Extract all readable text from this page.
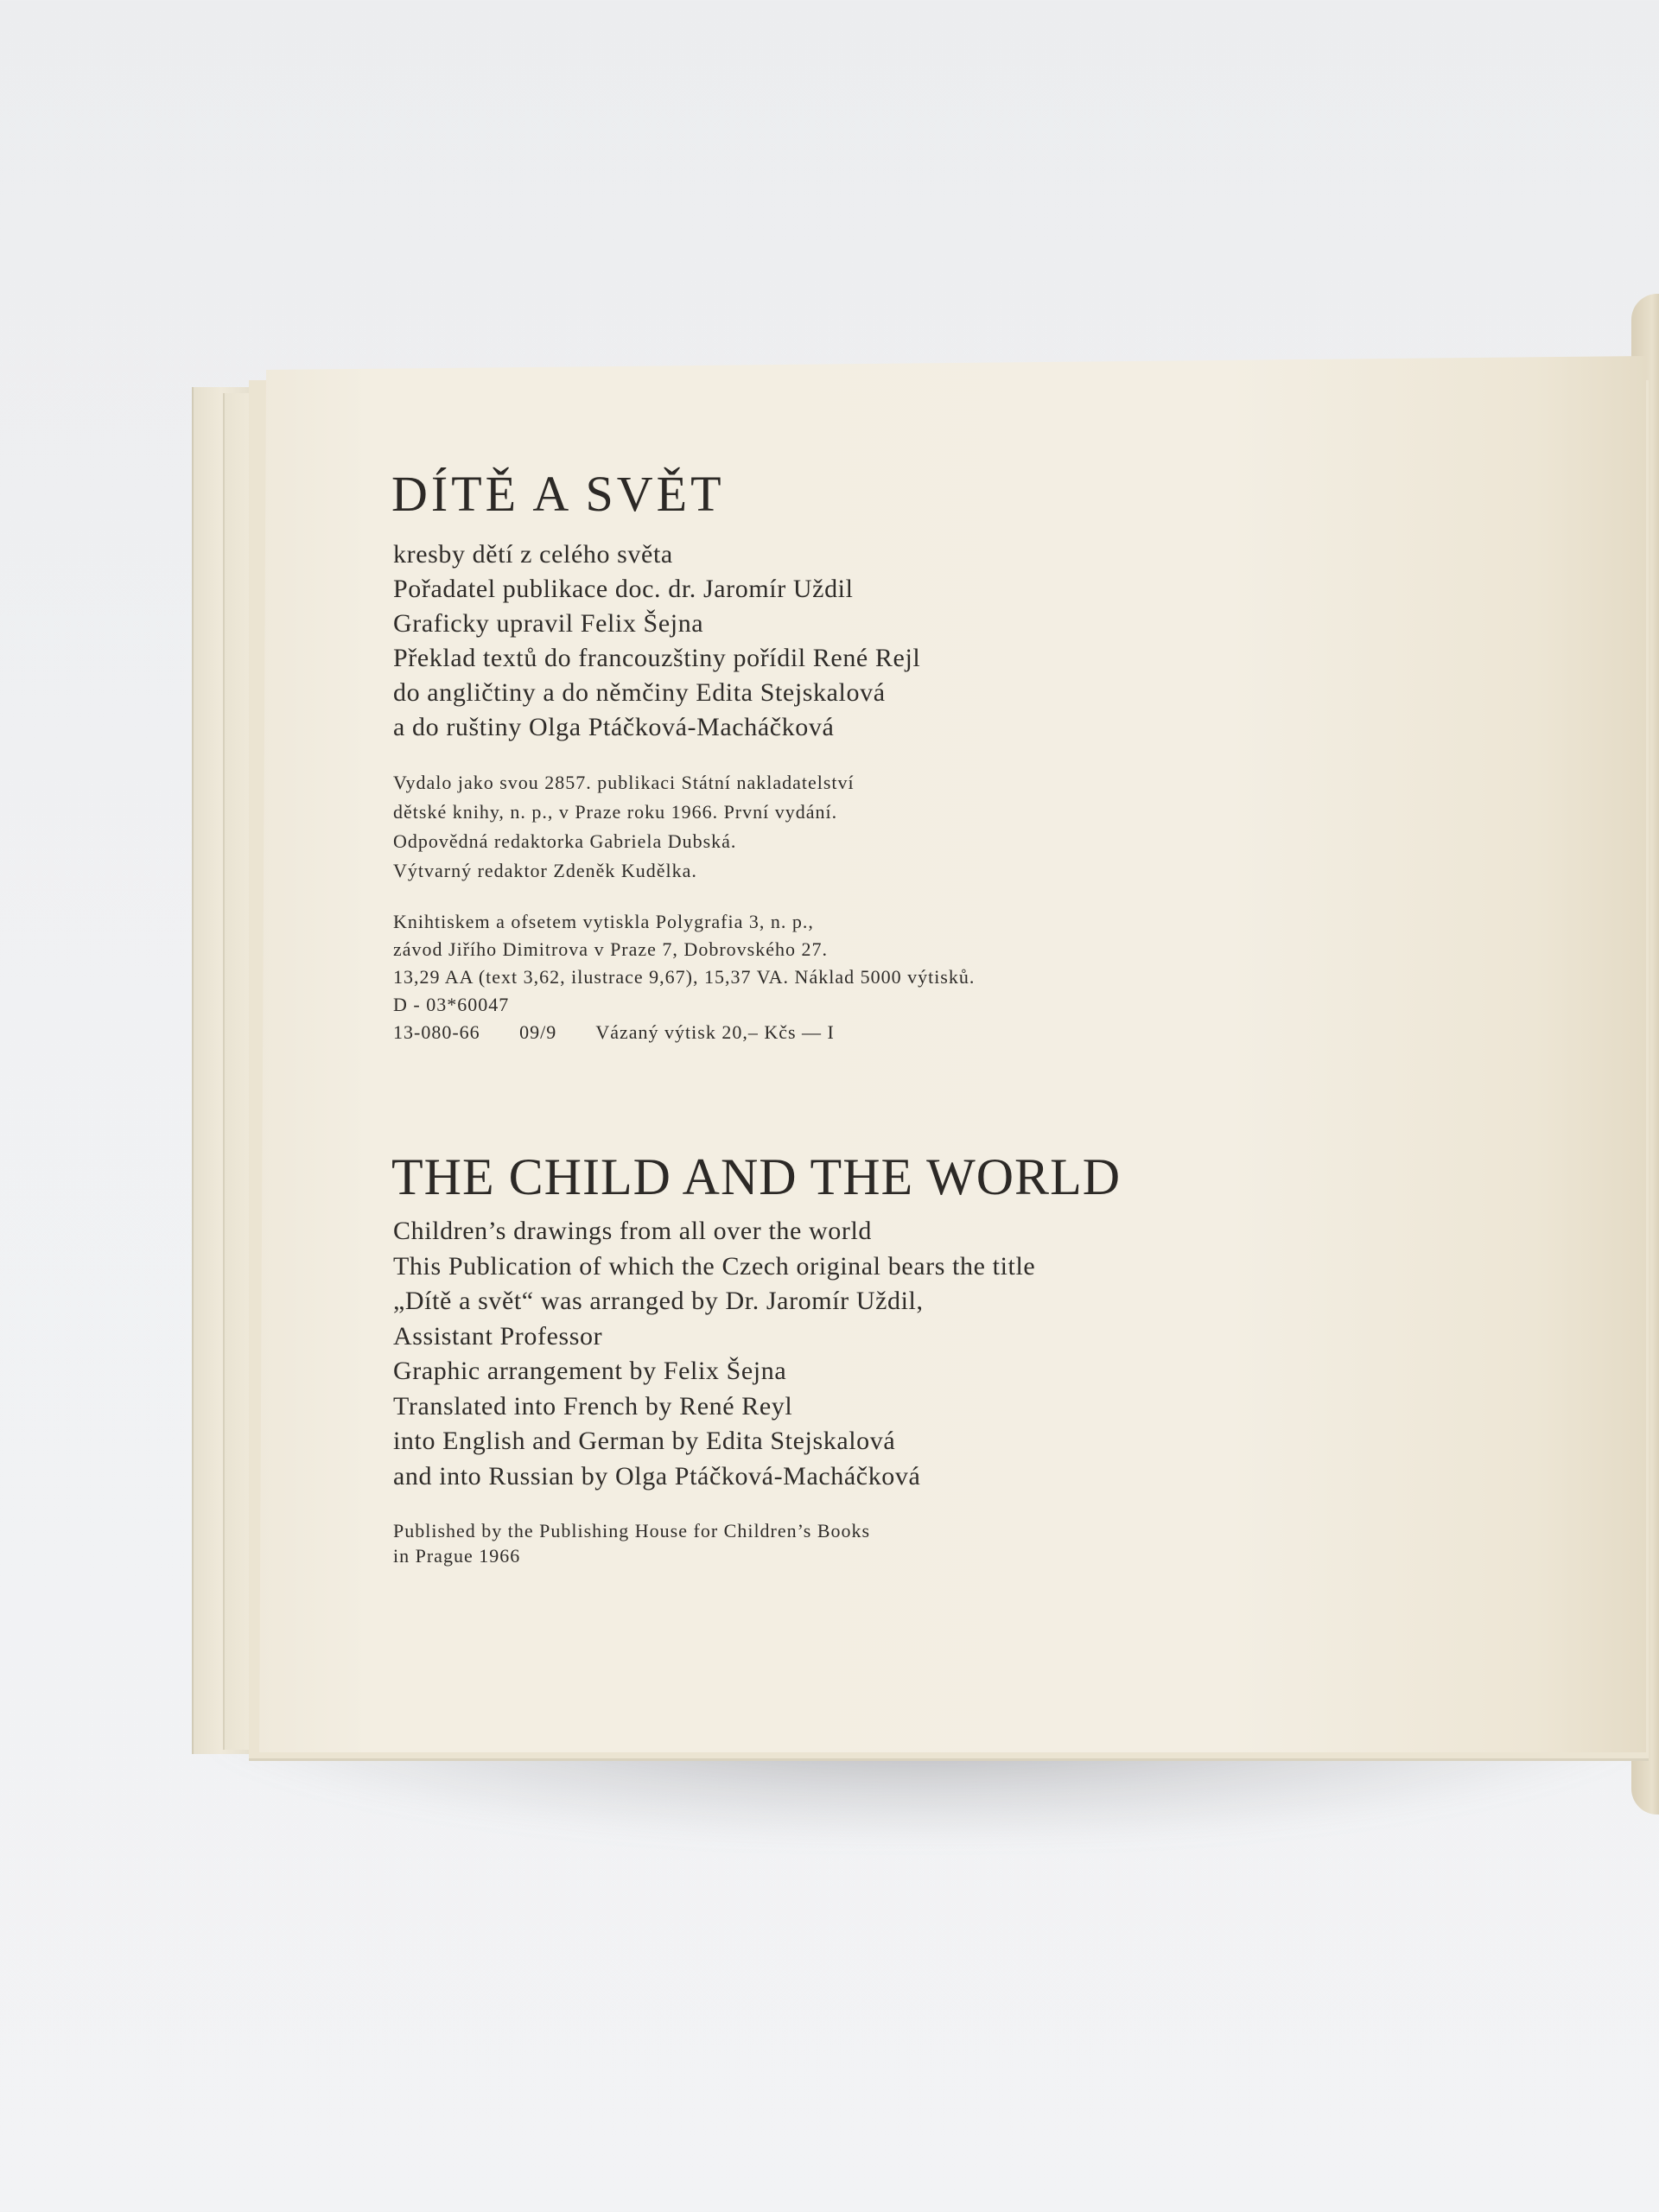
DÍTĚ A SVĚT
kresby dětí z celého světa
Pořadatel publikace doc. dr. Jaromír Uždil
Graficky upravil Felix Šejna
Překlad textů do francouzštiny pořídil René Rejl
do angličtiny a do němčiny Edita Stejskalová
a do ruštiny Olga Ptáčková-Macháčková
Vydalo jako svou 2857. publikaci Státní nakladatelství
dětské knihy, n. p., v Praze roku 1966. První vydání.
Odpovědná redaktorka Gabriela Dubská.
Výtvarný redaktor Zdeněk Kudělka.
Knihtiskem a ofsetem vytiskla Polygrafia 3, n. p.,
závod Jiřího Dimitrova v Praze 7, Dobrovského 27.
13,29 AA (text 3,62, ilustrace 9,67), 15,37 VA. Náklad 5000 výtisků.
D - 03*60047
13-080-66       09/9       Vázaný výtisk 20,– Kčs — I
THE CHILD AND THE WORLD
Children’s drawings from all over the world
This Publication of which the Czech original bears the title
„Dítě a svět“ was arranged by Dr. Jaromír Uždil,
Assistant Professor
Graphic arrangement by Felix Šejna
Translated into French by René Reyl
into English and German by Edita Stejskalová
and into Russian by Olga Ptáčková-Macháčková
Published by the Publishing House for Children’s Books
in Prague 1966
